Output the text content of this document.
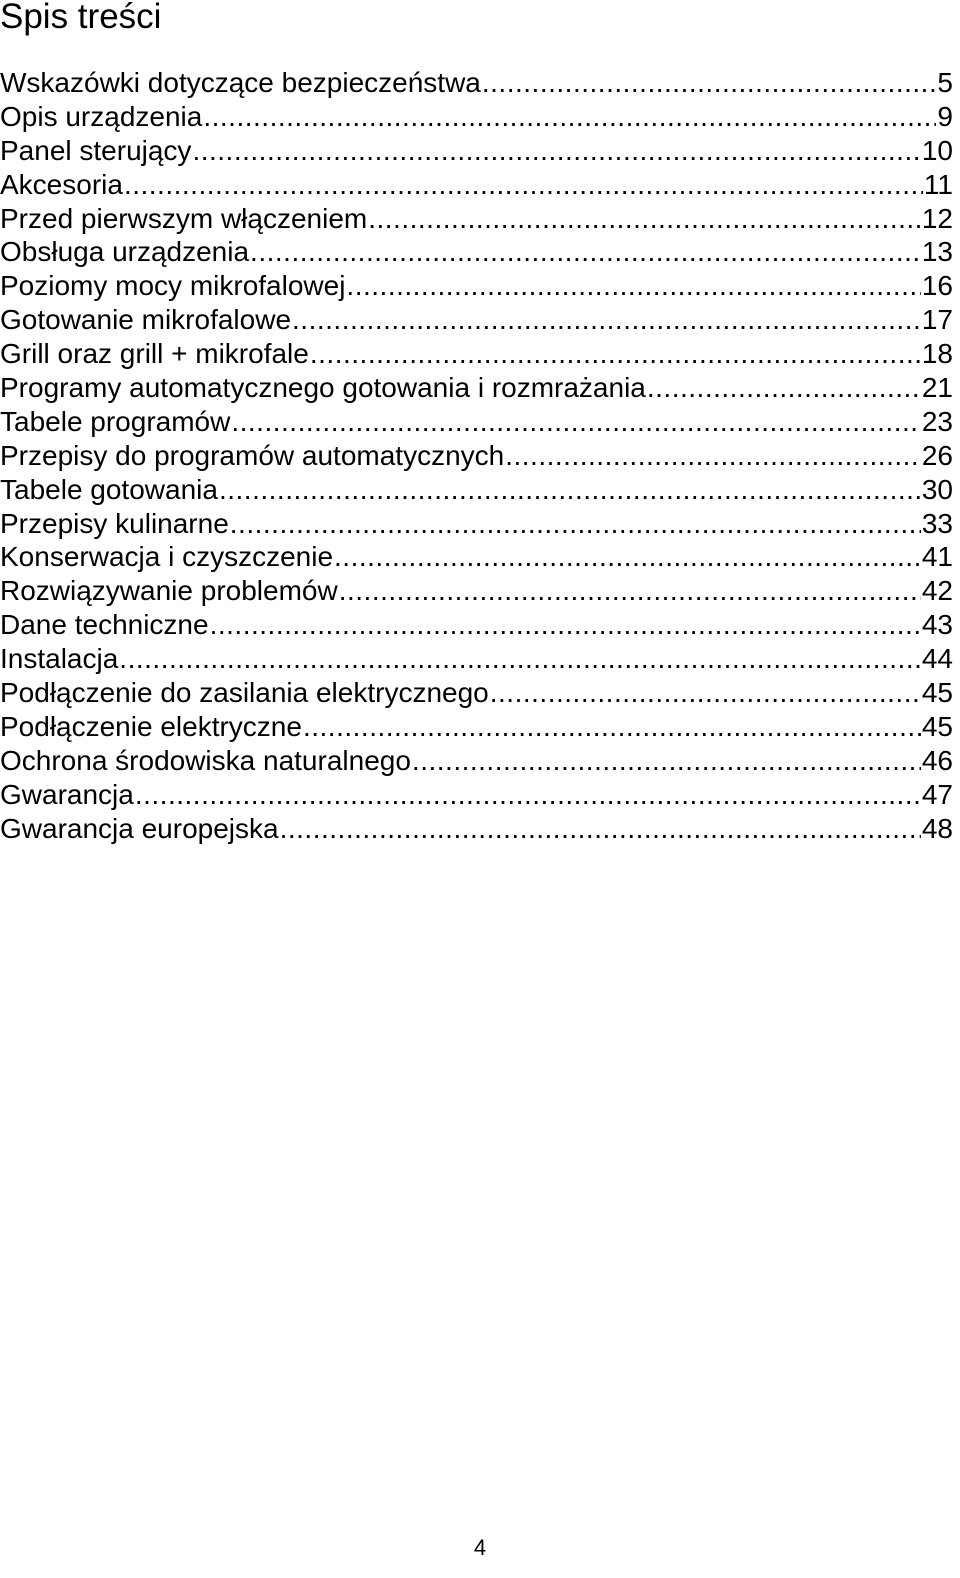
Spis treści
Wskazówki dotyczące bezpieczeństwa .....	5
Opis urządzenia .....	9
Panel sterujący .....	10
Akcesoria .....	11
Przed pierwszym włączeniem .....	12
Obsługa urządzenia .....	13
Poziomy mocy mikrofalowej .....	16
Gotowanie mikrofalowe .....	17
Grill oraz grill + mikrofale .....	18
Programy automatycznego gotowania i rozmrażania .....	21
Tabele programów .....	23
Przepisy do programów automatycznych .....	26
Tabele gotowania .....	30
Przepisy kulinarne .....	33
Konserwacja i czyszczenie .....	41
Rozwiązywanie problemów .....	42
Dane techniczne .....	43
Instalacja .....	44
Podłączenie do zasilania elektrycznego .....	45
Podłączenie elektryczne .....	45
Ochrona środowiska naturalnego .....	46
Gwarancja .....	47
Gwarancja europejska .....	48
4
